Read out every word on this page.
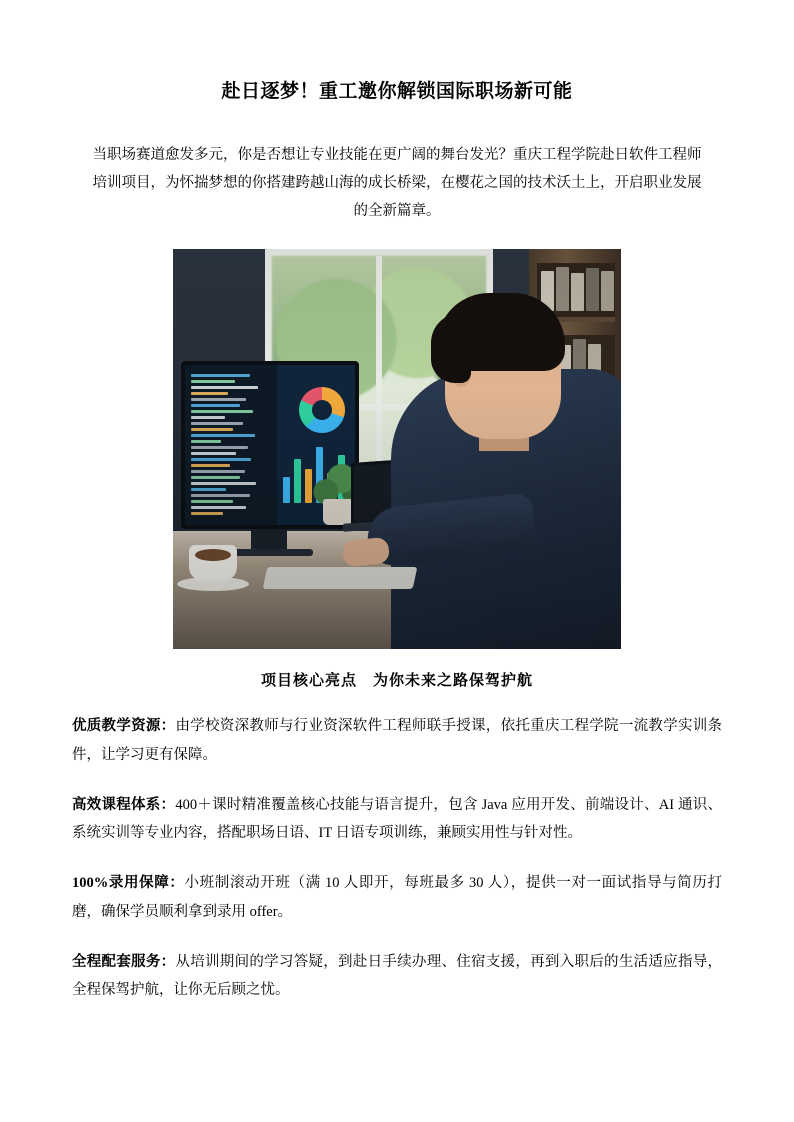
赴日逐梦！重工邀你解锁国际职场新可能

当职场赛道愈发多元，你是否想让专业技能在更广阔的舞台发光？重庆工程学院赴日软件工程师培训项目，为怀揣梦想的你搭建跨越山海的成长桥梁，在樱花之国的技术沃土上，开启职业发展的全新篇章。

项目核心亮点　为你未来之路保驾护航

优质教学资源：由学校资深教师与行业资深软件工程师联手授课，依托重庆工程学院一流教学实训条件，让学习更有保障。

高效课程体系：400＋课时精准覆盖核心技能与语言提升，包含 Java 应用开发、前端设计、AI 通识、系统实训等专业内容，搭配职场日语、IT 日语专项训练，兼顾实用性与针对性。

100%录用保障：小班制滚动开班（满 10 人即开，每班最多 30 人），提供一对一面试指导与简历打磨，确保学员顺利拿到录用 offer。

全程配套服务：从培训期间的学习答疑，到赴日手续办理、住宿支援，再到入职后的生活适应指导，全程保驾护航，让你无后顾之忧。
